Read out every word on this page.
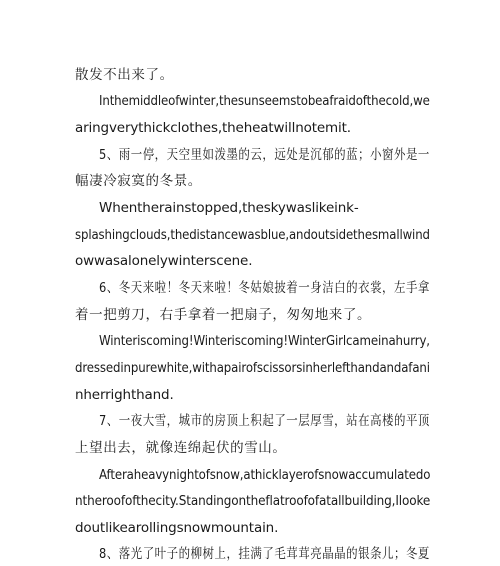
散发不出来了。
Inthemiddleofwinter,thesunseemstobeafraidofthecold,we
aringverythickclothes,theheatwillnotemit.
5、雨一停，天空里如泼墨的云，远处是沉郁的蓝；小窗外是一
幅凄冷寂寞的冬景。
Whentherainstopped,theskywaslikeink-
splashingclouds,thedistancewasblue,andoutsidethesmallwind
owwasalonelywinterscene.
6、冬天来啦！冬天来啦！冬姑娘披着一身洁白的衣裳，左手拿
着一把剪刀，右手拿着一把扇子，匆匆地来了。
Winteriscoming!Winteriscoming!WinterGirlcameinahurry,
dressedinpurewhite,withapairofscissorsinherlefthandandafani
nherrighthand.
7、一夜大雪，城市的房顶上积起了一层厚雪，站在高楼的平顶
上望出去，就像连绵起伏的雪山。
Afteraheavynightofsnow,athicklayerofsnowaccumulatedo
ntheroofofthecity.Standingontheflatroofofatallbuilding,Ilooke
doutlikearollingsnowmountain.
8、落光了叶子的柳树上，挂满了毛茸茸亮晶晶的银条儿；冬夏
